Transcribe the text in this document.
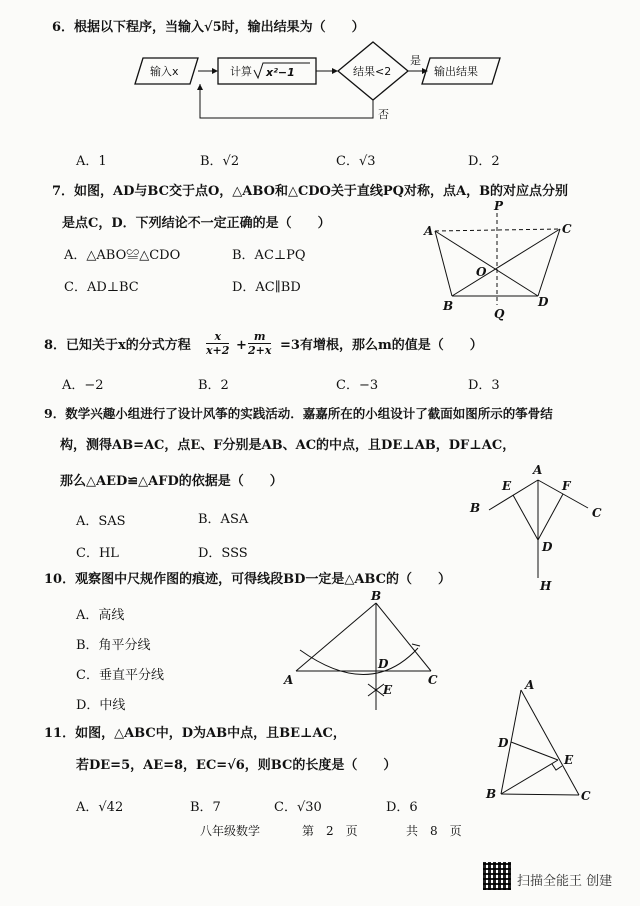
6．根据以下程序，当输入√5时，输出结果为（　　）
输入x	计算 x²−1	结果<2
是
输出结果
否
A．1	B．√2	C．√3	D．2
7．如图，AD与BC交于点O，△ABO和△CDO关于直线PQ对称，点A，B的对应点分别
是点C，D．下列结论不一定正确的是（　　）
A．△ABO≌△CDO	B．AC⊥PQ
C．AD⊥BC	D．AC∥BD
A	C
B	D
O
P
Q
8．已知关于x的分式方程 $\frac{x}{x+2} + \frac{m}{2+x} =3$有增根，那么m的值是（　　）
A．−2	B．2	C．−3	D．3
9．数学兴趣小组进行了设计风筝的实践活动．嘉嘉所在的小组设计了截面如图所示的筝骨结
构，测得AB=AC，点E、F分别是AB、AC的中点，且DE⊥AB，DF⊥AC，
那么△AED≌△AFD的依据是（　　）
A．SAS	B．ASA
C．HL	D．SSS
A
B	C
D
E	F
H
10．观察图中尺规作图的痕迹，可得线段BD一定是△ABC的（　　）
A．高线
B．角平分线
C．垂直平分线
D．中线
B
A	C
D
E
11．如图，△ABC中，D为AB中点，且BE⊥AC，
若DE=5，AE=8，EC=√6，则BC的长度是（　　）
A．√42	B．7	C．√30	D．6
A
D
E
B	C
八年级数学	第　2　页	共　8　页
扫描全能王 创建
